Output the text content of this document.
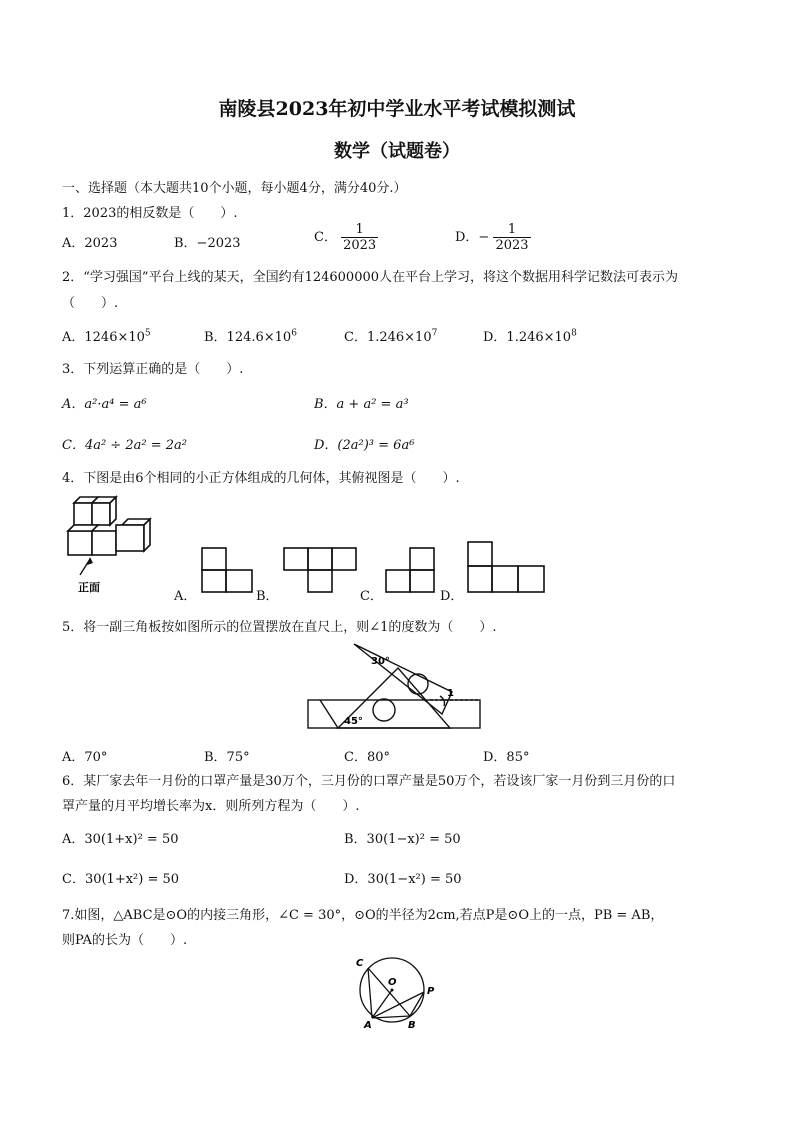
南陵县2023年初中学业水平考试模拟测试
数学（试题卷）
一、选择题（本大题共10个小题，每小题4分，满分40分.）
1．2023的相反数是（　　）.
A．2023	B．−2023	C． $\frac{1}{2023}$	D．− $\frac{1}{2023}$
2．“学习强国”平台上线的某天，全国约有124600000人在平台上学习，将这个数据用科学记数法可表示为
（　　）.
A．$1246\times 10^5$	B．$124.6\times 10^6$	C．$1.246\times 10^7$	D．$1.246\times 10^8$
3．下列运算正确的是（　　）.
A．a²·a⁴ = a⁶	B．a + a² = a³
C．4a² ÷ 2a² = 2a²	D．(2a²)³ = 6a⁶
4．下图是由6个相同的小正方体组成的几何体，其俯视图是（　　）.
正面
A．	B．	C．	D．
5．将一副三角板按如图所示的位置摆放在直尺上，则∠1的度数为（　　）.
30°
45°
1
A．70°	B．75°	C．80°	D．85°
6．某厂家去年一月份的口罩产量是30万个，三月份的口罩产量是50万个，若设该厂家一月份到三月份的口
罩产量的月平均增长率为x．则所列方程为（　　）.
A．30(1+x)² = 50	B．30(1−x)² = 50
C．30(1+x²) = 50	D．30(1−x²) = 50
7.如图，△ABC是⊙O的内接三角形，∠C = 30°，⊙O的半径为2cm,若点P是⊙O上的一点，PB = AB，
则PA的长为（　　）.
C
O
P
A	B
